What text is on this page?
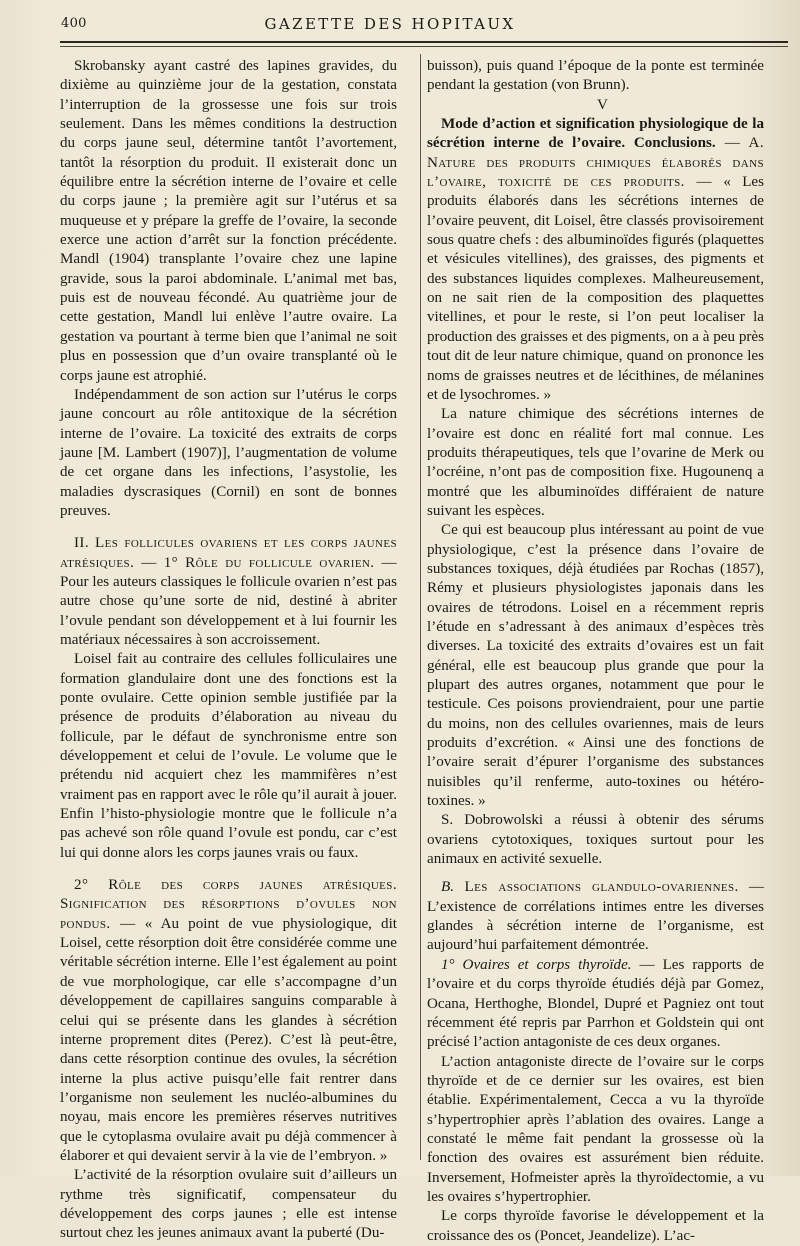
400	GAZETTE DES HOPITAUX

Skrobansky ayant castré des lapines gravides, du dixième au quinzième jour de la gestation, constata l’interruption de la grossesse une fois sur trois seulement. Dans les mêmes conditions la destruction du corps jaune seul, détermine tantôt l’avortement, tantôt la résorption du produit. Il existerait donc un équilibre entre la sécrétion interne de l’ovaire et celle du corps jaune ; la première agit sur l’utérus et sa muqueuse et y prépare la greffe de l’ovaire, la seconde exerce une action d’arrêt sur la fonction précédente. Mandl (1904) transplante l’ovaire chez une lapine gravide, sous la paroi abdominale. L’animal met bas, puis est de nouveau fécondé. Au quatrième jour de cette gestation, Mandl lui enlève l’autre ovaire. La gestation va pourtant à terme bien que l’animal ne soit plus en possession que d’un ovaire transplanté où le corps jaune est atrophié.

Indépendamment de son action sur l’utérus le corps jaune concourt au rôle antitoxique de la sécrétion interne de l’ovaire. La toxicité des extraits de corps jaune [M. Lambert (1907)], l’augmentation de volume de cet organe dans les infections, l’asystolie, les maladies dyscrasiques (Cornil) en sont de bonnes preuves.

II. Les follicules ovariens et les corps jaunes atrésiques. — 1° Rôle du follicule ovarien. — Pour les auteurs classiques le follicule ovarien n’est pas autre chose qu’une sorte de nid, destiné à abriter l’ovule pendant son développement et à lui fournir les matériaux nécessaires à son accroissement.

Loisel fait au contraire des cellules folliculaires une formation glandulaire dont une des fonctions est la ponte ovulaire. Cette opinion semble justifiée par la présence de produits d’élaboration au niveau du follicule, par le défaut de synchronisme entre son développement et celui de l’ovule. Le volume que le prétendu nid acquiert chez les mammifères n’est vraiment pas en rapport avec le rôle qu’il aurait à jouer. Enfin l’histo-physiologie montre que le follicule n’a pas achevé son rôle quand l’ovule est pondu, car c’est lui qui donne alors les corps jaunes vrais ou faux.

2° Rôle des corps jaunes atrésiques. Signification des résorptions d’ovules non pondus. — « Au point de vue physiologique, dit Loisel, cette résorption doit être considérée comme une véritable sécrétion interne. Elle l’est également au point de vue morphologique, car elle s’accompagne d’un développement de capillaires sanguins comparable à celui qui se présente dans les glandes à sécrétion interne proprement dites (Perez). C’est là peut-être, dans cette résorption continue des ovules, la sécrétion interne la plus active puisqu’elle fait rentrer dans l’organisme non seulement les nucléo-albumines du noyau, mais encore les premières réserves nutritives que le cytoplasma ovulaire avait pu déjà commencer à élaborer et qui devaient servir à la vie de l’embryon. »

L’activité de la résorption ovulaire suit d’ailleurs un rythme très significatif, compensateur du développement des corps jaunes ; elle est intense surtout chez les jeunes animaux avant la puberté (Du-

buisson), puis quand l’époque de la ponte est terminée pendant la gestation (von Brunn).

V

Mode d’action et signification physiologique de la sécrétion interne de l’ovaire. Conclusions. — A. Nature des produits chimiques élaborés dans l’ovaire, toxicité de ces produits. — « Les produits élaborés dans les sécrétions internes de l’ovaire peuvent, dit Loisel, être classés provisoirement sous quatre chefs : des albuminoïdes figurés (plaquettes et vésicules vitellines), des graisses, des pigments et des substances liquides complexes. Malheureusement, on ne sait rien de la composition des plaquettes vitellines, et pour le reste, si l’on peut localiser la production des graisses et des pigments, on a à peu près tout dit de leur nature chimique, quand on prononce les noms de graisses neutres et de lécithines, de mélanines et de lysochromes. »

La nature chimique des sécrétions internes de l’ovaire est donc en réalité fort mal connue. Les produits thérapeutiques, tels que l’ovarine de Merk ou l’ocréine, n’ont pas de composition fixe. Hugounenq a montré que les albuminoïdes différaient de nature suivant les espèces.

Ce qui est beaucoup plus intéressant au point de vue physiologique, c’est la présence dans l’ovaire de substances toxiques, déjà étudiées par Rochas (1857), Rémy et plusieurs physiologistes japonais dans les ovaires de tétrodons. Loisel en a récemment repris l’étude en s’adressant à des animaux d’espèces très diverses. La toxicité des extraits d’ovaires est un fait général, elle est beaucoup plus grande que pour la plupart des autres organes, notamment que pour le testicule. Ces poisons proviendraient, pour une partie du moins, non des cellules ovariennes, mais de leurs produits d’excrétion. « Ainsi une des fonctions de l’ovaire serait d’épurer l’organisme des substances nuisibles qu’il renferme, auto-toxines ou hétéro-toxines. »

S. Dobrowolski a réussi à obtenir des sérums ovariens cytotoxiques, toxiques surtout pour les animaux en activité sexuelle.

B. Les associations glandulo-ovariennes. — L’existence de corrélations intimes entre les diverses glandes à sécrétion interne de l’organisme, est aujourd’hui parfaitement démontrée.

1° Ovaires et corps thyroïde. — Les rapports de l’ovaire et du corps thyroïde étudiés déjà par Gomez, Ocana, Herthoghe, Blondel, Dupré et Pagniez ont tout récemment été repris par Parrhon et Goldstein qui ont précisé l’action antagoniste de ces deux organes.

L’action antagoniste directe de l’ovaire sur le corps thyroïde et de ce dernier sur les ovaires, est bien établie. Expérimentalement, Cecca a vu la thyroïde s’hypertrophier après l’ablation des ovaires. Lange a constaté le même fait pendant la grossesse où la fonction des ovaires est assurément bien réduite. Inversement, Hofmeister après la thyroïdectomie, a vu les ovaires s’hypertrophier.

Le corps thyroïde favorise le développement et la croissance des os (Poncet, Jeandelize). L’ac-
